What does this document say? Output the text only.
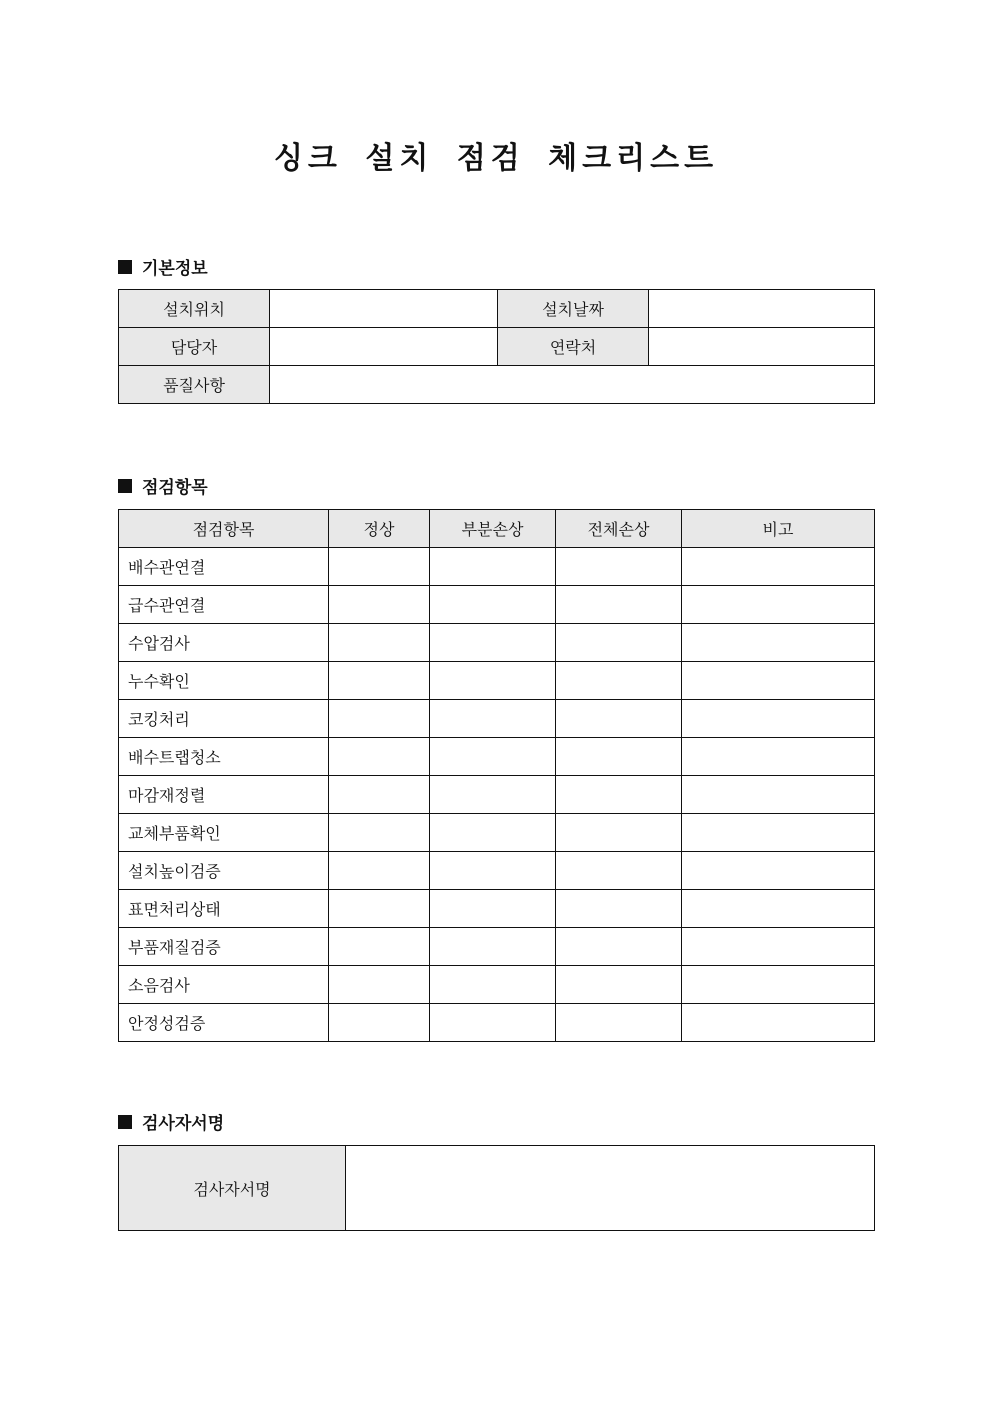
싱크 설치 점검 체크리스트
기본정보
설치위치		설치날짜	
담당자		연락처	
품질사항			
점검항목
점검항목	정상	부분손상	전체손상	비고
배수관연결				
급수관연결				
수압검사				
누수확인				
코킹처리				
배수트랩청소				
마감재정렬				
교체부품확인				
설치높이검증				
표면처리상태				
부품재질검증				
소음검사				
안정성검증				
검사자서명
검사자서명	
